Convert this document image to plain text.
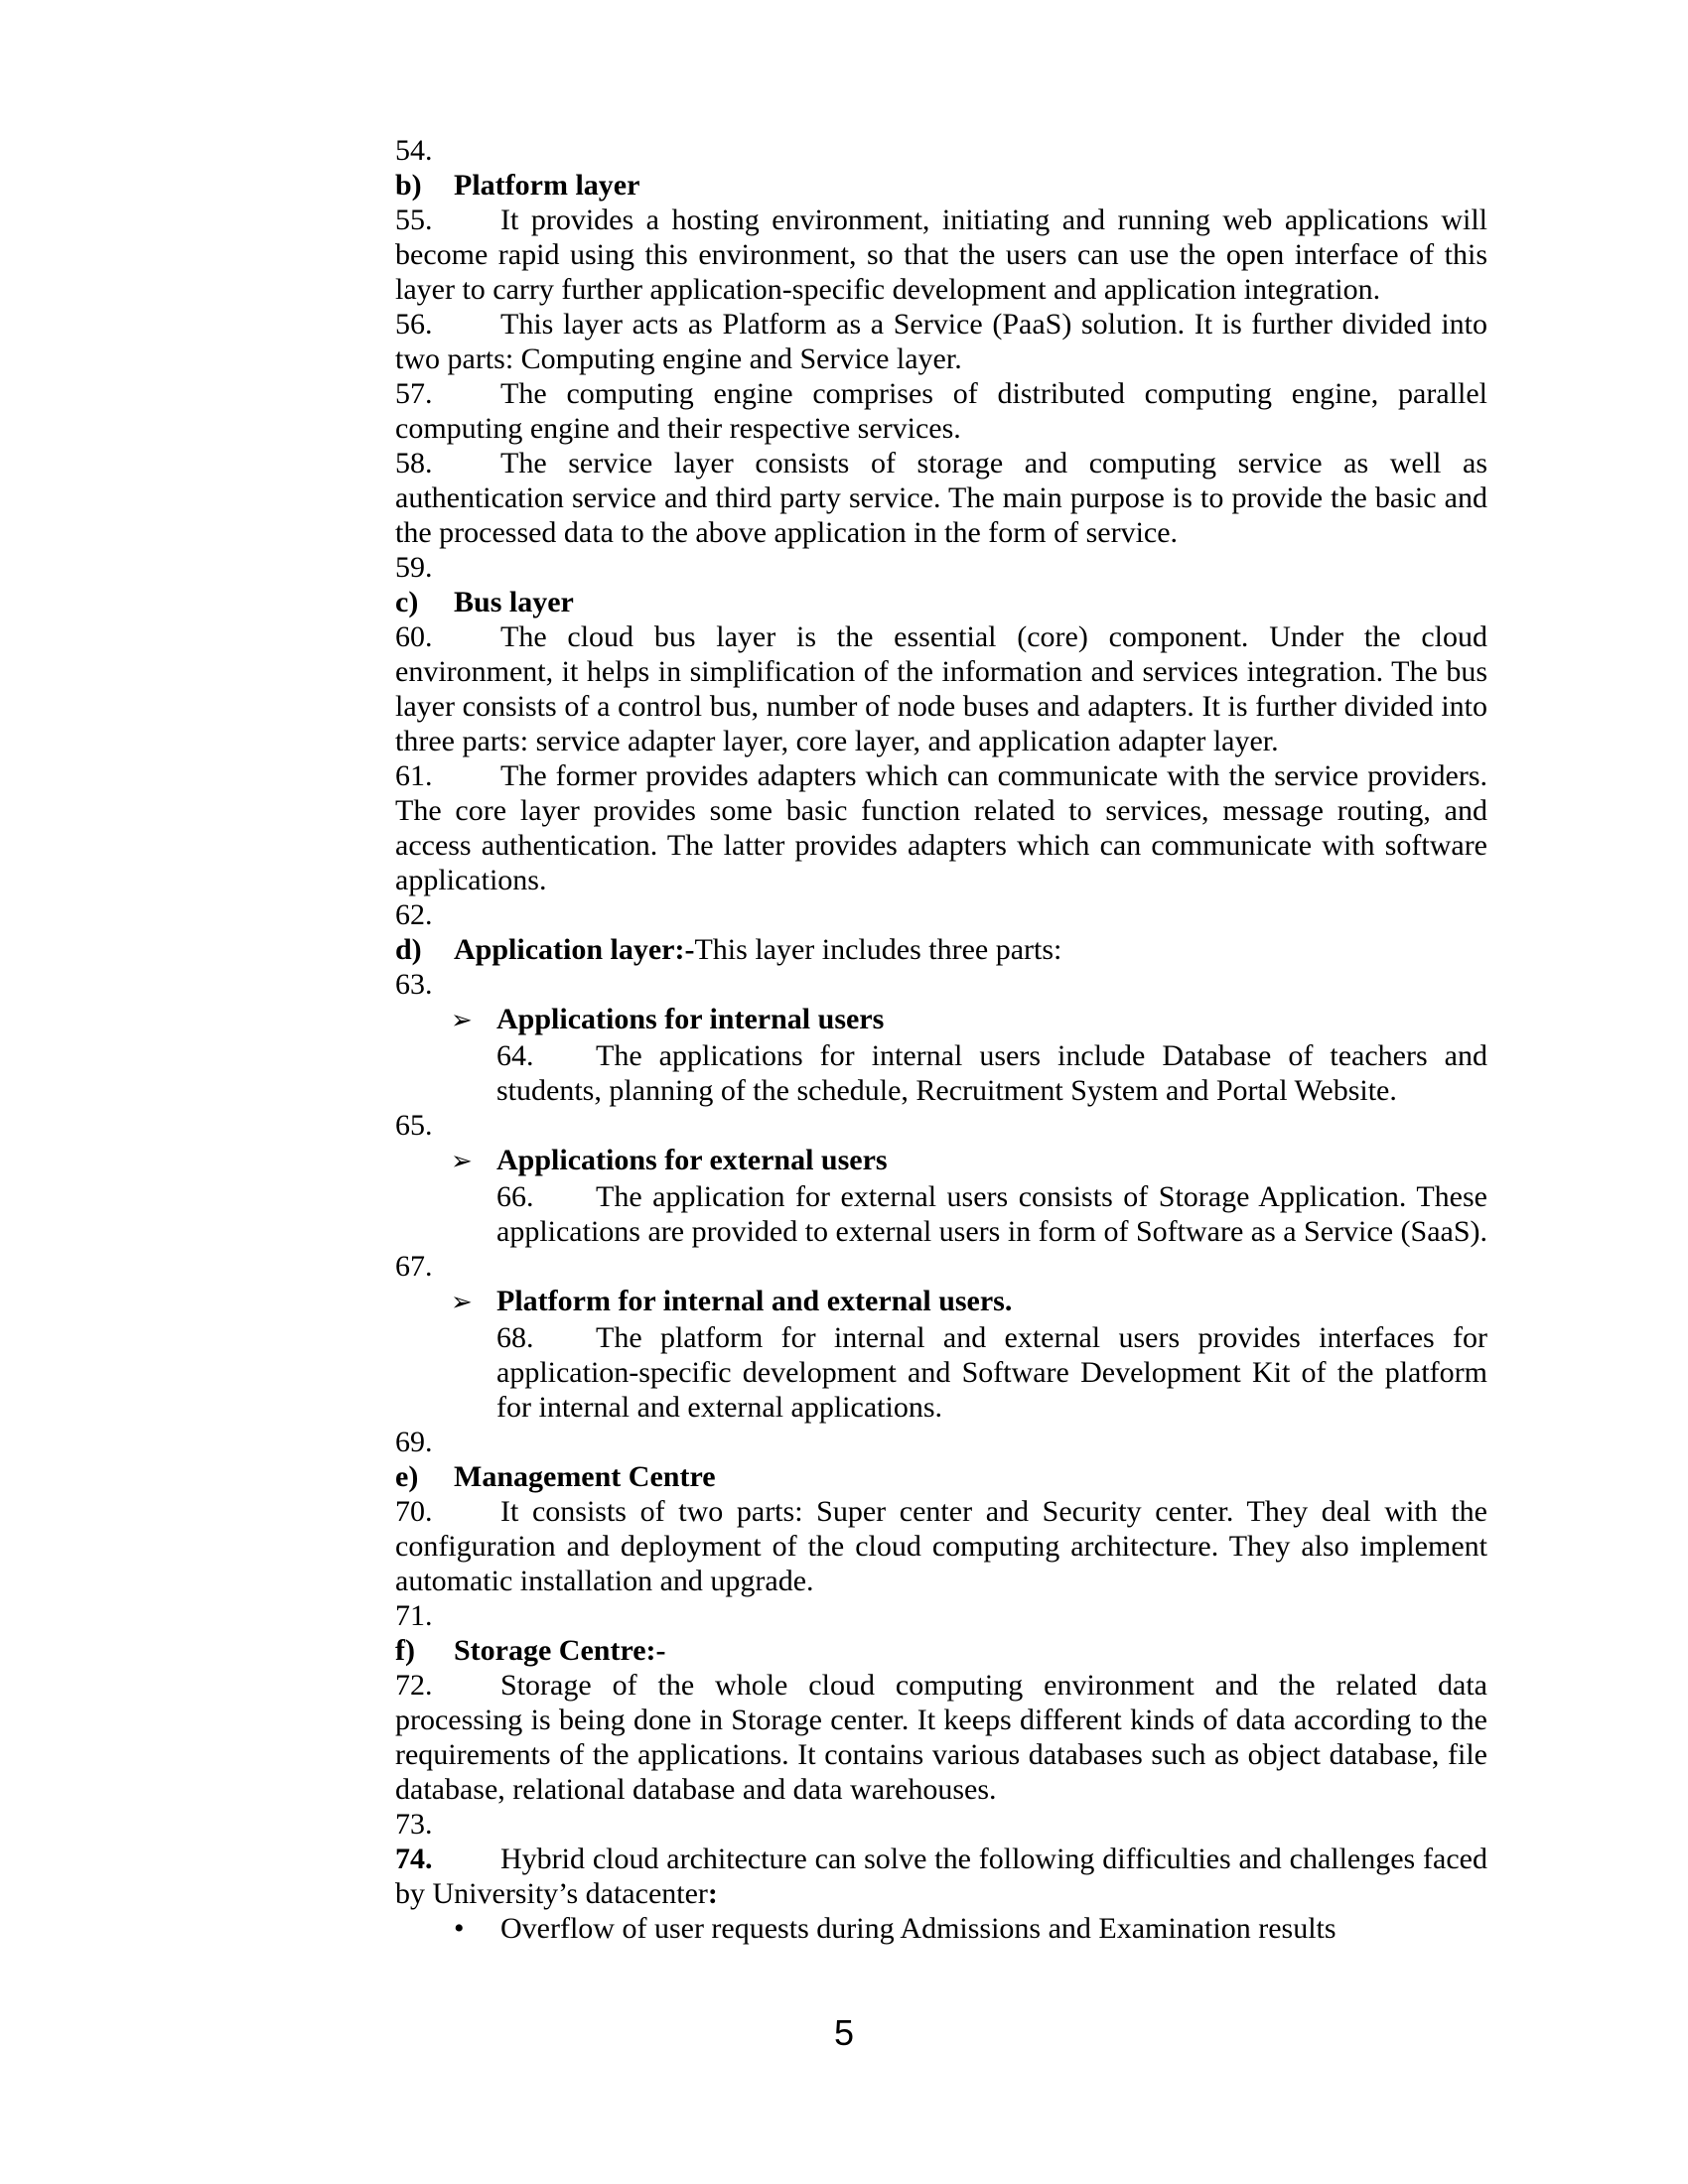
54.

b) Platform layer

55. It provides a hosting environment, initiating and running web applications will become rapid using this environment, so that the users can use the open interface of this layer to carry further application-specific development and application integration.

56. This layer acts as Platform as a Service (PaaS) solution. It is further divided into two parts: Computing engine and Service layer.

57. The computing engine comprises of distributed computing engine, parallel computing engine and their respective services.

58. The service layer consists of storage and computing service as well as authentication service and third party service. The main purpose is to provide the basic and the processed data to the above application in the form of service.

59.

c) Bus layer

60. The cloud bus layer is the essential (core) component. Under the cloud environment, it helps in simplification of the information and services integration. The bus layer consists of a control bus, number of node buses and adapters. It is further divided into three parts: service adapter layer, core layer, and application adapter layer.

61. The former provides adapters which can communicate with the service providers. The core layer provides some basic function related to services, message routing, and access authentication. The latter provides adapters which can communicate with software applications.

62.

d) Application layer:-This layer includes three parts:

63.

➢ Applications for internal users

64. The applications for internal users include Database of teachers and students, planning of the schedule, Recruitment System and Portal Website.

65.

➢ Applications for external users

66. The application for external users consists of Storage Application. These applications are provided to external users in form of Software as a Service (SaaS).

67.

➢ Platform for internal and external users.

68. The platform for internal and external users provides interfaces for application-specific development and Software Development Kit of the platform for internal and external applications.

69.

e) Management Centre

70. It consists of two parts: Super center and Security center. They deal with the configuration and deployment of the cloud computing architecture. They also implement automatic installation and upgrade.

71.

f) Storage Centre:-

72. Storage of the whole cloud computing environment and the related data processing is being done in Storage center. It keeps different kinds of data according to the requirements of the applications. It contains various databases such as object database, file database, relational database and data warehouses.

73.

74. Hybrid cloud architecture can solve the following difficulties and challenges faced by University’s datacenter:

• Overflow of user requests during Admissions and Examination results

5
